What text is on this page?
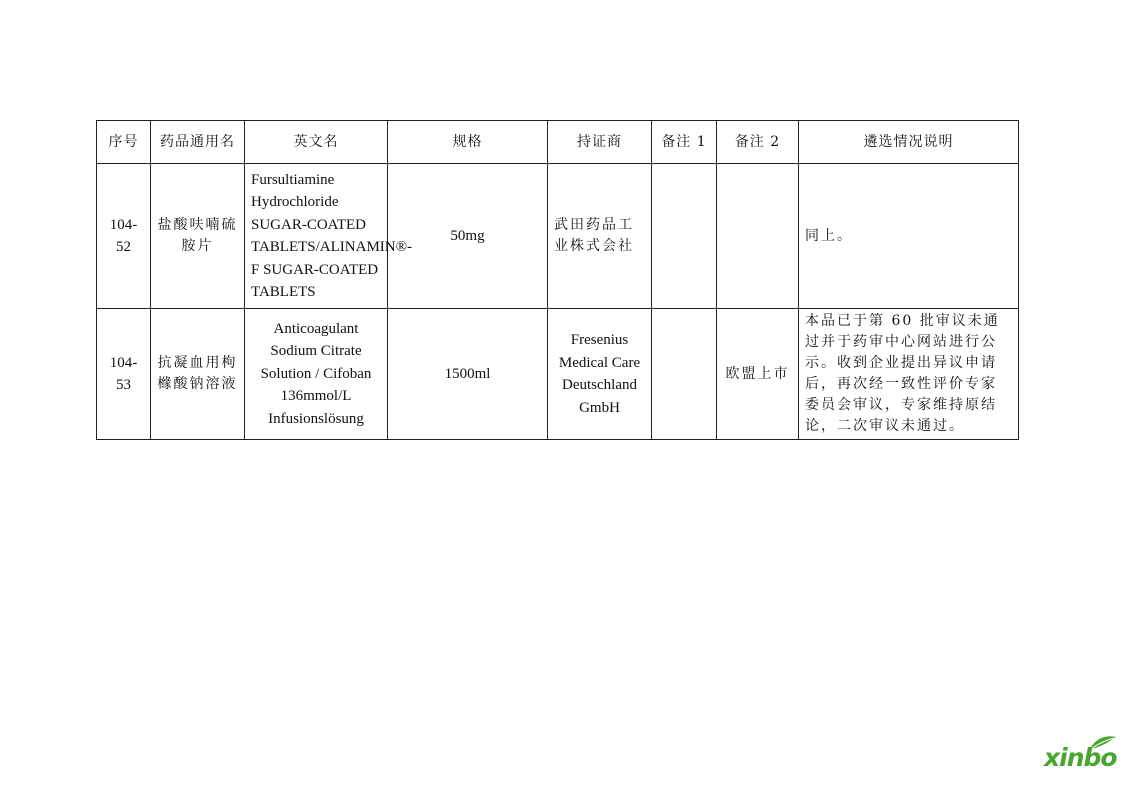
序号	药品通用名	英文名	规格	持证商	备注 1	备注 2	遴选情况说明
104-52	盐酸呋喃硫胺片	Fursultiamine Hydrochloride SUGAR-COATED TABLETS/ALINAMIN®- F SUGAR-COATED TABLETS	50mg	武田药品工业株式会社			同上。
104-53	抗凝血用枸橼酸钠溶液	Anticoagulant Sodium Citrate Solution / Cifoban 136mmol/L Infusionslösung	1500ml	Fresenius Medical Care Deutschland GmbH		欧盟上市	本品已于第 60 批审议未通过并于药审中心网站进行公示。收到企业提出异议申请后，再次经一致性评价专家委员会审议，专家维持原结论，二次审议未通过。
xinbo
